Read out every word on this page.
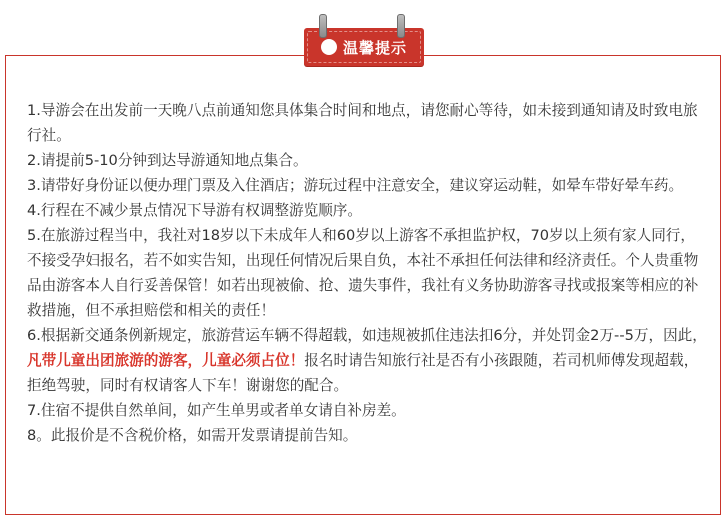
温馨提示

1.导游会在出发前一天晚八点前通知您具体集合时间和地点，请您耐心等待，如未接到通知请及时致电旅行社。

2.请提前5-10分钟到达导游通知地点集合。

3.请带好身份证以便办理门票及入住酒店；游玩过程中注意安全，建议穿运动鞋，如晕车带好晕车药。

4.行程在不减少景点情况下导游有权调整游览顺序。

5.在旅游过程当中，我社对18岁以下未成年人和60岁以上游客不承担监护权，70岁以上须有家人同行，不接受孕妇报名，若不如实告知，出现任何情况后果自负，本社不承担任何法律和经济责任。个人贵重物品由游客本人自行妥善保管！如若出现被偷、抢、遗失事件，我社有义务协助游客寻找或报案等相应的补救措施，但不承担赔偿和相关的责任！

6.根据新交通条例新规定，旅游营运车辆不得超载，如违规被抓住违法扣6分，并处罚金2万--5万，因此，凡带儿童出团旅游的游客，儿童必须占位！报名时请告知旅行社是否有小孩跟随，若司机师傅发现超载，拒绝驾驶，同时有权请客人下车！谢谢您的配合。

7.住宿不提供自然单间，如产生单男或者单女请自补房差。

8。此报价是不含税价格，如需开发票请提前告知。
